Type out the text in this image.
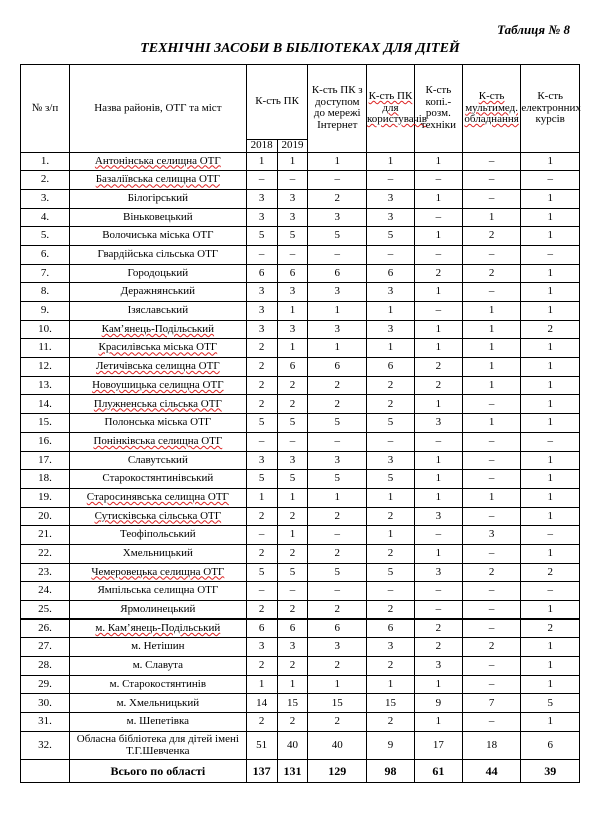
Таблиця № 8
ТЕХНІЧНІ ЗАСОБИ В БІБЛІОТЕКАХ ДЛЯ ДІТЕЙ
№ з/п	Назва районів, ОТГ та міст	К-сть ПК		К-сть ПК з доступом до мережі Інтернет	К-сть ПК для користувачів	К-сть копі.-розм. техніки	К-сть мультимед. обладнання	К-сть електронних курсів
		2018	2019					
1.	Антонінська селищна ОТГ	1	1	1	1	1	–	1
2.	Базаліївська селищна ОТГ	–	–	–	–	–	–	–
3.	Білогірський	3	3	2	3	1	–	1
4.	Віньковецький	3	3	3	3	–	1	1
5.	Волочиська міська ОТГ	5	5	5	5	1	2	1
6.	Гвардійська сільська ОТГ	–	–	–	–	–	–	–
7.	Городоцький	6	6	6	6	2	2	1
8.	Деражнянський	3	3	3	3	1	–	1
9.	Ізяславський	3	1	1	1	–	1	1
10.	Кам’янець-Подільський	3	3	3	3	1	1	2
11.	Красилівська міська ОТГ	2	1	1	1	1	1	1
12.	Летичівська селищна ОТГ	2	6	6	6	2	1	1
13.	Новоушицька селищна ОТГ	2	2	2	2	2	1	1
14.	Плужненська сільська ОТГ	2	2	2	2	1	–	1
15.	Полонська міська ОТГ	5	5	5	5	3	1	1
16.	Понінківська селищна ОТГ	–	–	–	–	–	–	–
17.	Славутський	3	3	3	3	1	–	1
18.	Старокостянтинівський	5	5	5	5	1	–	1
19.	Старосинявська селищна ОТГ	1	1	1	1	1	1	1
20.	Сутисківська сільська ОТГ	2	2	2	2	3	–	1
21.	Теофіпольський	–	1	–	1	–	3	–
22.	Хмельницький	2	2	2	2	1	–	1
23.	Чемеровецька селищна ОТГ	5	5	5	5	3	2	2
24.	Ямпільська селищна ОТГ	–	–	–	–	–	–	–
25.	Ярмолинецький	2	2	2	2	–	–	1
26.	м. Кам’янець-Подільський	6	6	6	6	2	–	2
27.	м. Нетішин	3	3	3	3	2	2	1
28.	м. Славута	2	2	2	2	3	–	1
29.	м. Старокостянтинів	1	1	1	1	1	–	1
30.	м. Хмельницький	14	15	15	15	9	7	5
31.	м. Шепетівка	2	2	2	2	1	–	1
32.	Обласна бібліотека для дітей імені Т.Г.Шевченка	51	40	40	9	17	18	6
	Всього по області	137	131	129	98	61	44	39
